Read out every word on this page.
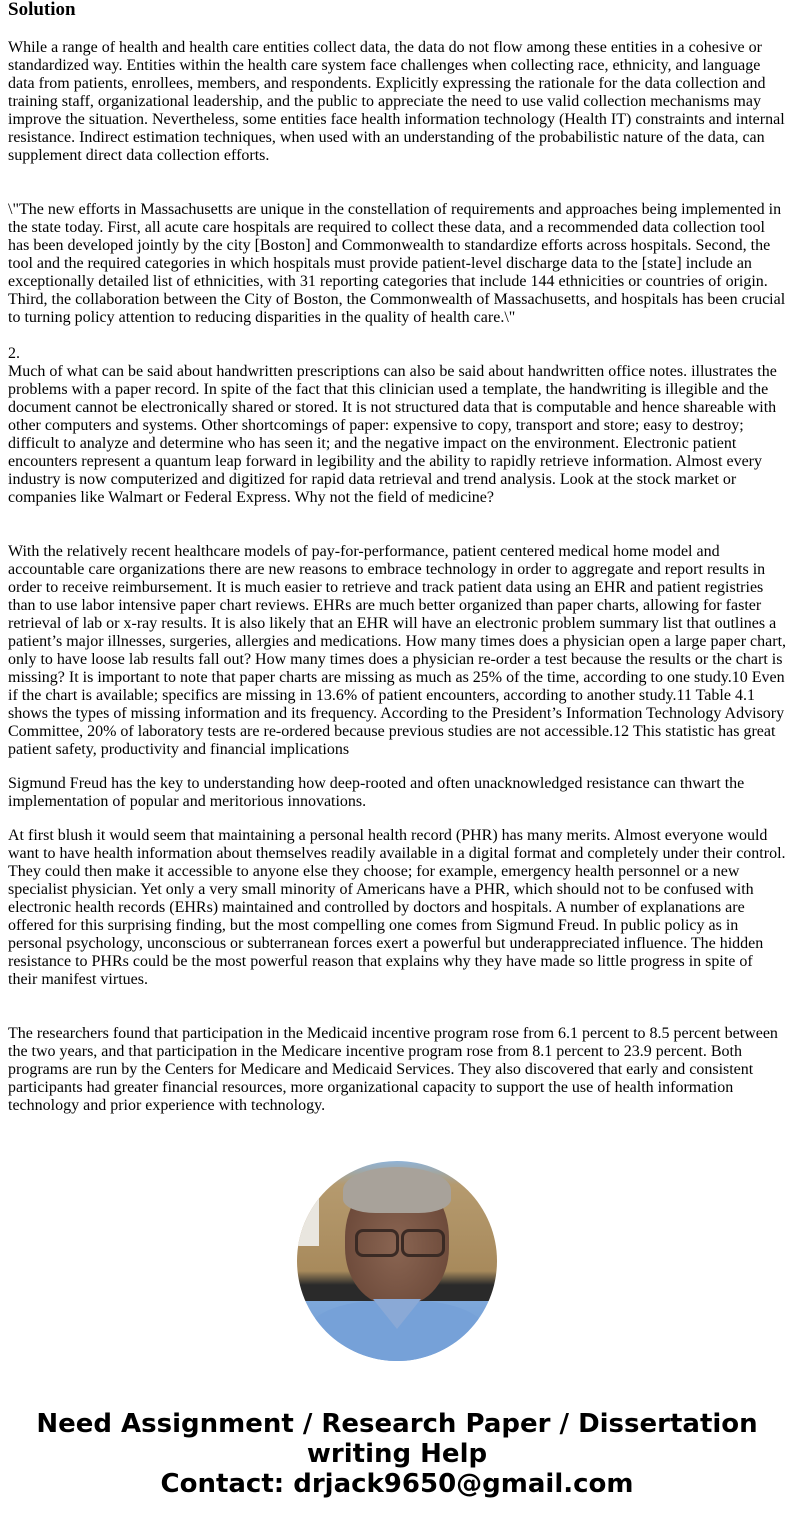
Solution

While a range of health and health care entities collect data, the data do not flow among these entities in a cohesive or standardized way. Entities within the health care system face challenges when collecting race, ethnicity, and language data from patients, enrollees, members, and respondents. Explicitly expressing the rationale for the data collection and training staff, organizational leadership, and the public to appreciate the need to use valid collection mechanisms may improve the situation. Nevertheless, some entities face health information technology (Health IT) constraints and internal resistance. Indirect estimation techniques, when used with an understanding of the probabilistic nature of the data, can supplement direct data collection efforts.

\"The new efforts in Massachusetts are unique in the constellation of requirements and approaches being implemented in the state today. First, all acute care hospitals are required to collect these data, and a recommended data collection tool has been developed jointly by the city [Boston] and Commonwealth to standardize efforts across hospitals. Second, the tool and the required categories in which hospitals must provide patient-level discharge data to the [state] include an exceptionally detailed list of ethnicities, with 31 reporting categories that include 144 ethnicities or countries of origin. Third, the collaboration between the City of Boston, the Commonwealth of Massachusetts, and hospitals has been crucial to turning policy attention to reducing disparities in the quality of health care.\"

2.

Much of what can be said about handwritten prescriptions can also be said about handwritten office notes. illustrates the problems with a paper record. In spite of the fact that this clinician used a template, the handwriting is illegible and the document cannot be electronically shared or stored. It is not structured data that is computable and hence shareable with other computers and systems. Other shortcomings of paper: expensive to copy, transport and store; easy to destroy; difficult to analyze and determine who has seen it; and the negative impact on the environment. Electronic patient encounters represent a quantum leap forward in legibility and the ability to rapidly retrieve information. Almost every industry is now computerized and digitized for rapid data retrieval and trend analysis. Look at the stock market or companies like Walmart or Federal Express. Why not the field of medicine?

With the relatively recent healthcare models of pay-for-performance, patient centered medical home model and accountable care organizations there are new reasons to embrace technology in order to aggregate and report results in order to receive reimbursement. It is much easier to retrieve and track patient data using an EHR and patient registries than to use labor intensive paper chart reviews. EHRs are much better organized than paper charts, allowing for faster retrieval of lab or x-ray results. It is also likely that an EHR will have an electronic problem summary list that outlines a patient’s major illnesses, surgeries, allergies and medications. How many times does a physician open a large paper chart, only to have loose lab results fall out? How many times does a physician re-order a test because the results or the chart is missing? It is important to note that paper charts are missing as much as 25% of the time, according to one study.10 Even if the chart is available; specifics are missing in 13.6% of patient encounters, according to another study.11 Table 4.1 shows the types of missing information and its frequency. According to the President’s Information Technology Advisory Committee, 20% of laboratory tests are re-ordered because previous studies are not accessible.12 This statistic has great patient safety, productivity and financial implications

Sigmund Freud has the key to understanding how deep-rooted and often unacknowledged resistance can thwart the implementation of popular and meritorious innovations.

At first blush it would seem that maintaining a personal health record (PHR) has many merits. Almost everyone would want to have health information about themselves readily available in a digital format and completely under their control. They could then make it accessible to anyone else they choose; for example, emergency health personnel or a new specialist physician. Yet only a very small minority of Americans have a PHR, which should not to be confused with electronic health records (EHRs) maintained and controlled by doctors and hospitals. A number of explanations are offered for this surprising finding, but the most compelling one comes from Sigmund Freud. In public policy as in personal psychology, unconscious or subterranean forces exert a powerful but underappreciated influence. The hidden resistance to PHRs could be the most powerful reason that explains why they have made so little progress in spite of their manifest virtues.

The researchers found that participation in the Medicaid incentive program rose from 6.1 percent to 8.5 percent between the two years, and that participation in the Medicare incentive program rose from 8.1 percent to 23.9 percent. Both programs are run by the Centers for Medicare and Medicaid Services. They also discovered that early and consistent participants had greater financial resources, more organizational capacity to support the use of health information technology and prior experience with technology.

Need Assignment / Research Paper / Dissertation writing Help
Contact: drjack9650@gmail.com
